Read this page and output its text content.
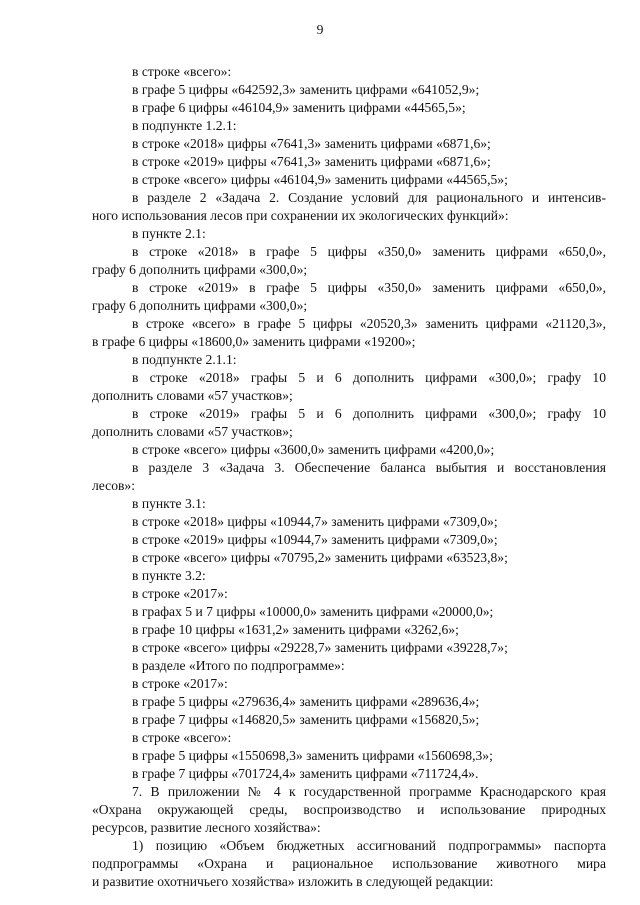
9
в строке «всего»:
в графе 5 цифры «642592,3» заменить цифрами «641052,9»;
в графе 6 цифры «46104,9» заменить цифрами «44565,5»;
в подпункте 1.2.1:
в строке «2018» цифры «7641,3» заменить цифрами «6871,6»;
в строке «2019» цифры «7641,3» заменить цифрами «6871,6»;
в строке «всего» цифры «46104,9» заменить цифрами «44565,5»;
в разделе 2 «Задача 2. Создание условий для рационального и интенсив-
ного использования лесов при сохранении их экологических функций»:
в пункте 2.1:
в строке «2018» в графе 5 цифры «350,0» заменить цифрами «650,0»,
графу 6 дополнить цифрами «300,0»;
в строке «2019» в графе 5 цифры «350,0» заменить цифрами «650,0»,
графу 6 дополнить цифрами «300,0»;
в строке «всего» в графе 5 цифры «20520,3» заменить цифрами «21120,3»,
в графе 6 цифры «18600,0» заменить цифрами «19200»;
в подпункте 2.1.1:
в строке «2018» графы 5 и 6 дополнить цифрами «300,0»; графу 10
дополнить словами «57 участков»;
в строке «2019» графы 5 и 6 дополнить цифрами «300,0»; графу 10
дополнить словами «57 участков»;
в строке «всего» цифры «3600,0» заменить цифрами «4200,0»;
в разделе 3 «Задача 3. Обеспечение баланса выбытия и восстановления
лесов»:
в пункте 3.1:
в строке «2018» цифры «10944,7» заменить цифрами «7309,0»;
в строке «2019» цифры «10944,7» заменить цифрами «7309,0»;
в строке «всего» цифры «70795,2» заменить цифрами «63523,8»;
в пункте 3.2:
в строке «2017»:
в графах 5 и 7 цифры «10000,0» заменить цифрами «20000,0»;
в графе 10 цифры «1631,2» заменить цифрами «3262,6»;
в строке «всего» цифры «29228,7» заменить цифрами «39228,7»;
в разделе «Итого по подпрограмме»:
в строке «2017»:
в графе 5 цифры «279636,4» заменить цифрами «289636,4»;
в графе 7 цифры «146820,5» заменить цифрами «156820,5»;
в строке «всего»:
в графе 5 цифры «1550698,3» заменить цифрами «1560698,3»;
в графе 7 цифры «701724,4» заменить цифрами «711724,4».
7. В приложении № 4 к государственной программе Краснодарского края
«Охрана окружающей среды, воспроизводство и использование природных
ресурсов, развитие лесного хозяйства»:
1) позицию «Объем бюджетных ассигнований подпрограммы» паспорта
подпрограммы «Охрана и рациональное использование животного мира
и развитие охотничьего хозяйства» изложить в следующей редакции:
